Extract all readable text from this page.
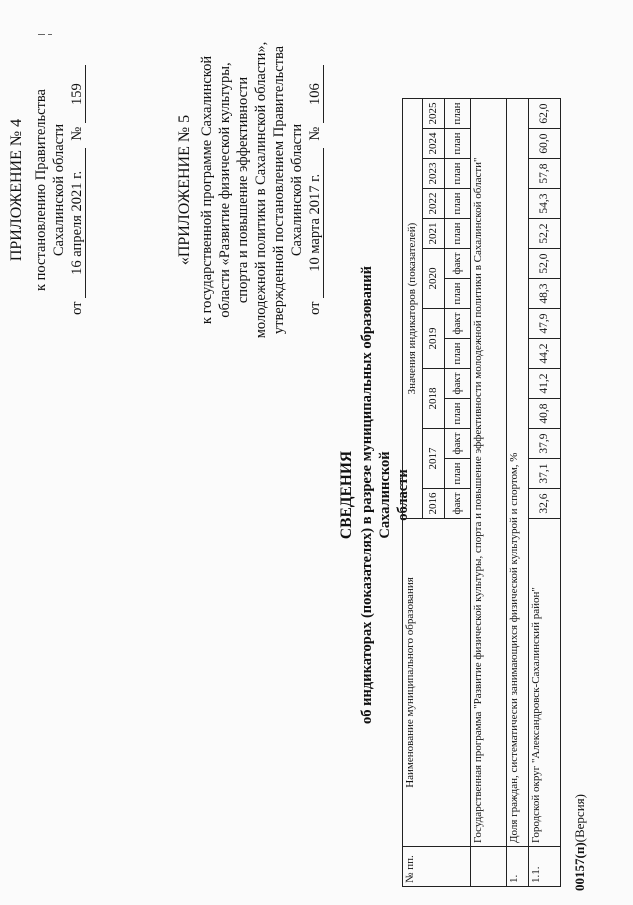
ПРИЛОЖЕНИЕ № 4 к постановлению Правительства Сахалинской области
от 16 апреля 2021 г.  № 159
«ПРИЛОЖЕНИЕ № 5 к государственной программе Сахалинской области «Развитие физической культуры, спорта и повышение эффективности молодежной политики в Сахалинской области», утвержденной постановлением Правительства Сахалинской области
от 10 марта 2017 г.  № 106
СВЕДЕНИЯ об индикаторах (показателях) в разрезе муниципальных образований Сахалинской области
№ пп.	Наименование муниципального образования	Значения индикаторов (показателей)													
		2016	2017		2018		2019		2020		2021	2022	2023	2024	2025
		факт	план	факт	план	факт	план	факт	план	факт	план	план	план	план	план
	Государственная программа "Развитие физической культуры, спорта и повышение эффективности молодежной политики в Сахалинской области"														
1.	Доля граждан, систематически занимающихся физической культурой и спортом, %														
1.1.	Городской округ "Александровск-Сахалинский район"	32,6	37,1	37,9	40,8	41,2	44,2	47,9	48,3	52,0	52,2	54,3	57,8	60,0	62,0
00157(п)(Версия)
